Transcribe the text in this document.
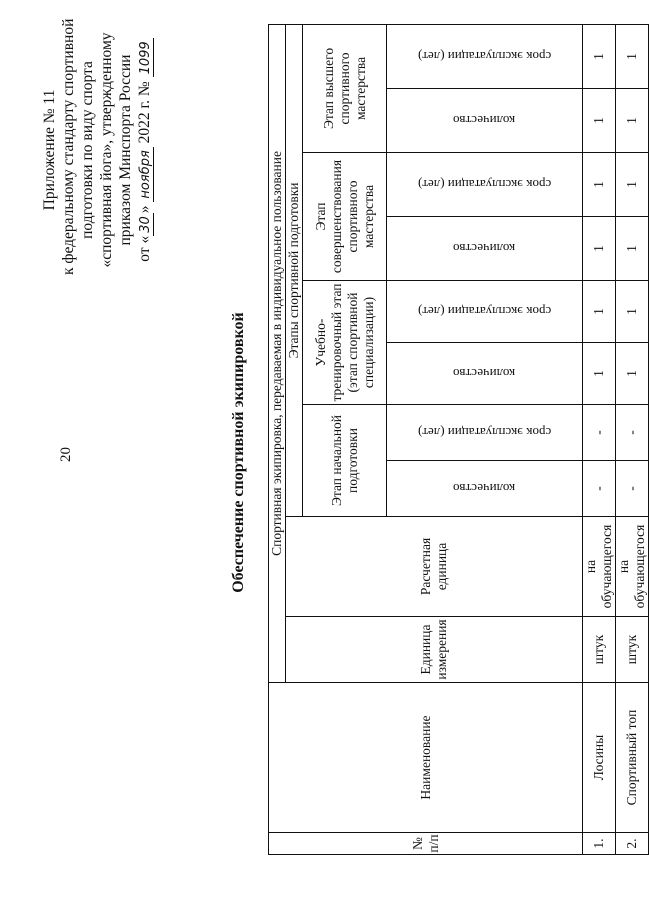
20
Приложение № 11 к федеральному стандарту спортивной подготовки по виду спорта «спортивная йога», утвержденному приказом Минспорта России
от «30» ноября 2022 г. № 1099
Обеспечение спортивной экипировкой
№ п/п	Наименование	Спортивная экипировка, передаваемая в индивидуальное пользование									
		Единица измерения	Расчетная единица	Этапы спортивной подготовки							
				Этап начальной подготовки		Учебно-тренировочный этап (этап спортивной специализации)		Этап совершенствования спортивного мастерства		Этап высшего спортивного мастерства	

				количество	срок эксплуатации (лет)	количество	срок эксплуатации (лет)	количество	срок эксплуатации (лет)	количество	срок эксплуатации (лет)

1.	Лосины	штук	на обучающегося	-	-	1	1	1	1	1	1
2.	Спортивный топ	штук	на обучающегося	-	-	1	1	1	1	1	1
